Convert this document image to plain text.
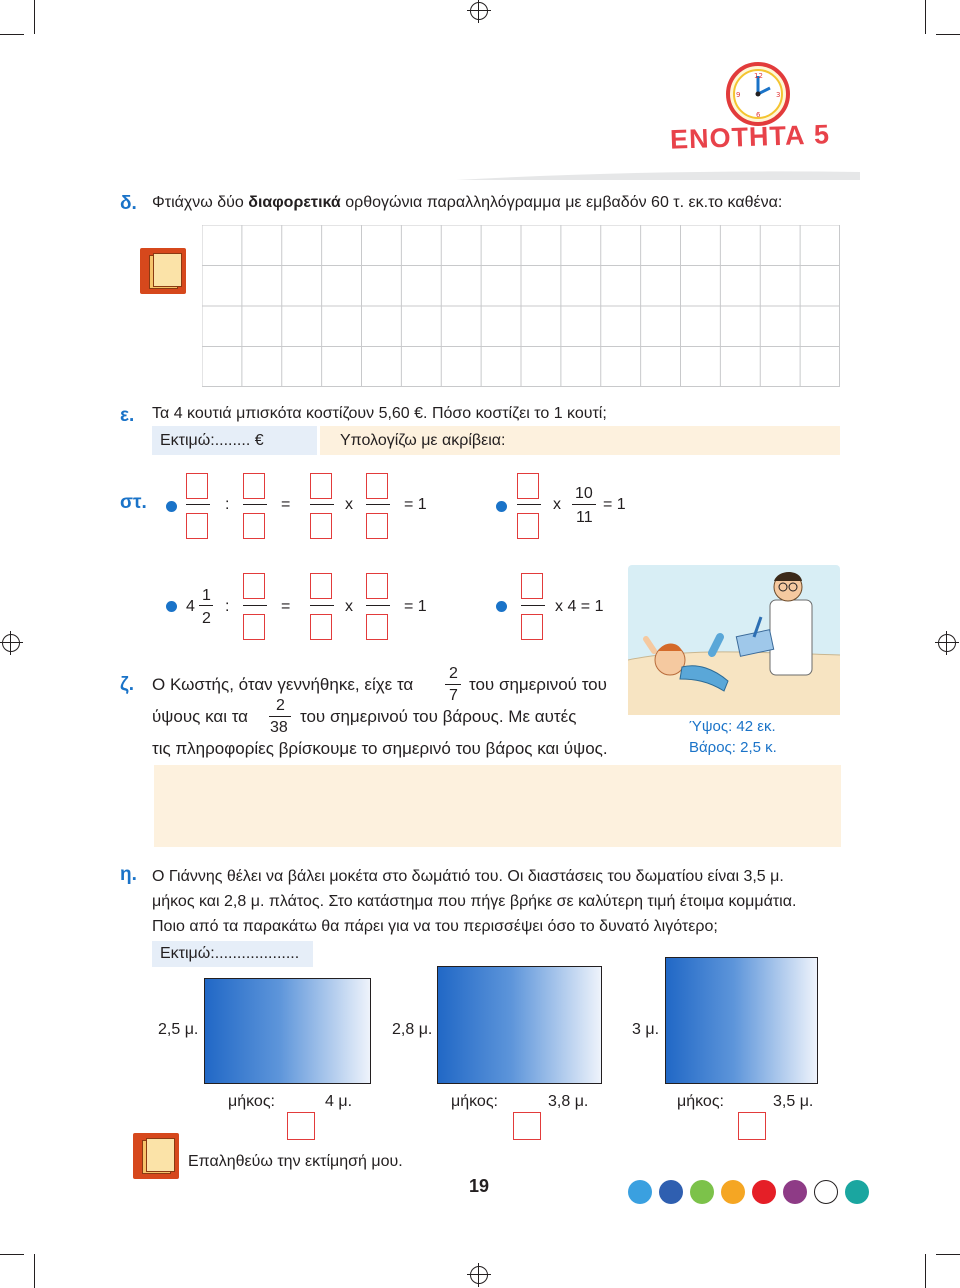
12
3
6
9
ΕΝΟΤΗΤΑ 5
δ. Φτιάχνω δύο διαφορετικά ορθογώνια παραλληλόγραμμα με εμβαδόν 60 τ. εκ.το καθένα:
ε. Τα 4 κουτιά μπισκότα κοστίζουν 5,60 €. Πόσο κοστίζει το 1 κουτί;
Εκτιμώ:........ €	Υπολογίζω με ακρίβεια:
στ.	:	=	x	= 1	x
10
11
= 1
4
1
2
:	=	x	= 1	x 4 = 1
ζ. Ο Κωστής, όταν γεννήθηκε, είχε τα
2
7
του σημερινού του
ύψους και τα
2
38
του σημερινού του βάρους. Με αυτές
τις πληροφορίες βρίσκουμε το σημερινό του βάρος και ύψος.
Ύψος: 42 εκ.
Βάρος: 2,5 κ.
η. Ο Γιάννης θέλει να βάλει μοκέτα στο δωμάτιό του. Οι διαστάσεις του δωματίου είναι 3,5 μ.
μήκος και 2,8 μ. πλάτος. Στο κατάστημα που πήγε βρήκε σε καλύτερη τιμή έτοιμα κομμάτια.
Ποιο από τα παρακάτω θα πάρει για να του περισσέψει όσο το δυνατό λιγότερο;
Εκτιμώ:...................
2,5 μ.
μήκος:	4 μ.
2,8 μ.
μήκος:	3,8 μ.
3 μ.
μήκος:	3,5 μ.
Επαληθεύω την εκτίμησή μου.
19
